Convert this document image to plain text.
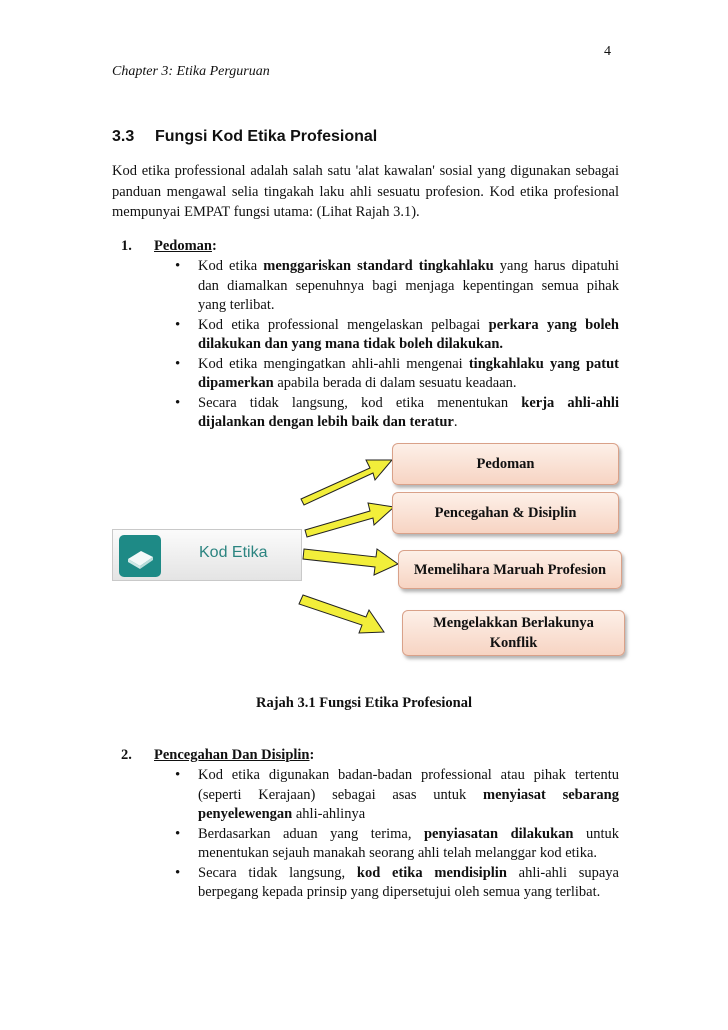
4
Chapter 3: Etika Perguruan
3.3 Fungsi Kod Etika Profesional
Kod etika professional adalah salah satu 'alat kawalan' sosial yang digunakan sebagai panduan mengawal selia tingakah laku ahli sesuatu profesion. Kod etika profesional mempunyai EMPAT fungsi utama: (Lihat Rajah 3.1).
1. Pedoman:
• Kod etika menggariskan standard tingkahlaku yang harus dipatuhi dan diamalkan sepenuhnya bagi menjaga kepentingan semua pihak yang terlibat.
• Kod etika professional mengelaskan pelbagai perkara yang boleh dilakukan dan yang mana tidak boleh dilakukan.
• Kod etika mengingatkan ahli-ahli mengenai tingkahlaku yang patut dipamerkan apabila berada di dalam sesuatu keadaan.
• Secara tidak langsung, kod etika menentukan kerja ahli-ahli dijalankan dengan lebih baik dan teratur.
Kod Etika
Pedoman
Pencegahan & Disiplin
Memelihara Maruah Profesion
Mengelakkan Berlakunya Konflik
Rajah 3.1 Fungsi Etika Profesional
2. Pencegahan Dan Disiplin:
• Kod etika digunakan badan-badan professional atau pihak tertentu (seperti Kerajaan) sebagai asas untuk menyiasat sebarang penyelewengan ahli-ahlinya
• Berdasarkan aduan yang terima, penyiasatan dilakukan untuk menentukan sejauh manakah seorang ahli telah melanggar kod etika.
• Secara tidak langsung, kod etika mendisiplin ahli-ahli supaya berpegang kepada prinsip yang dipersetujui oleh semua yang terlibat.
